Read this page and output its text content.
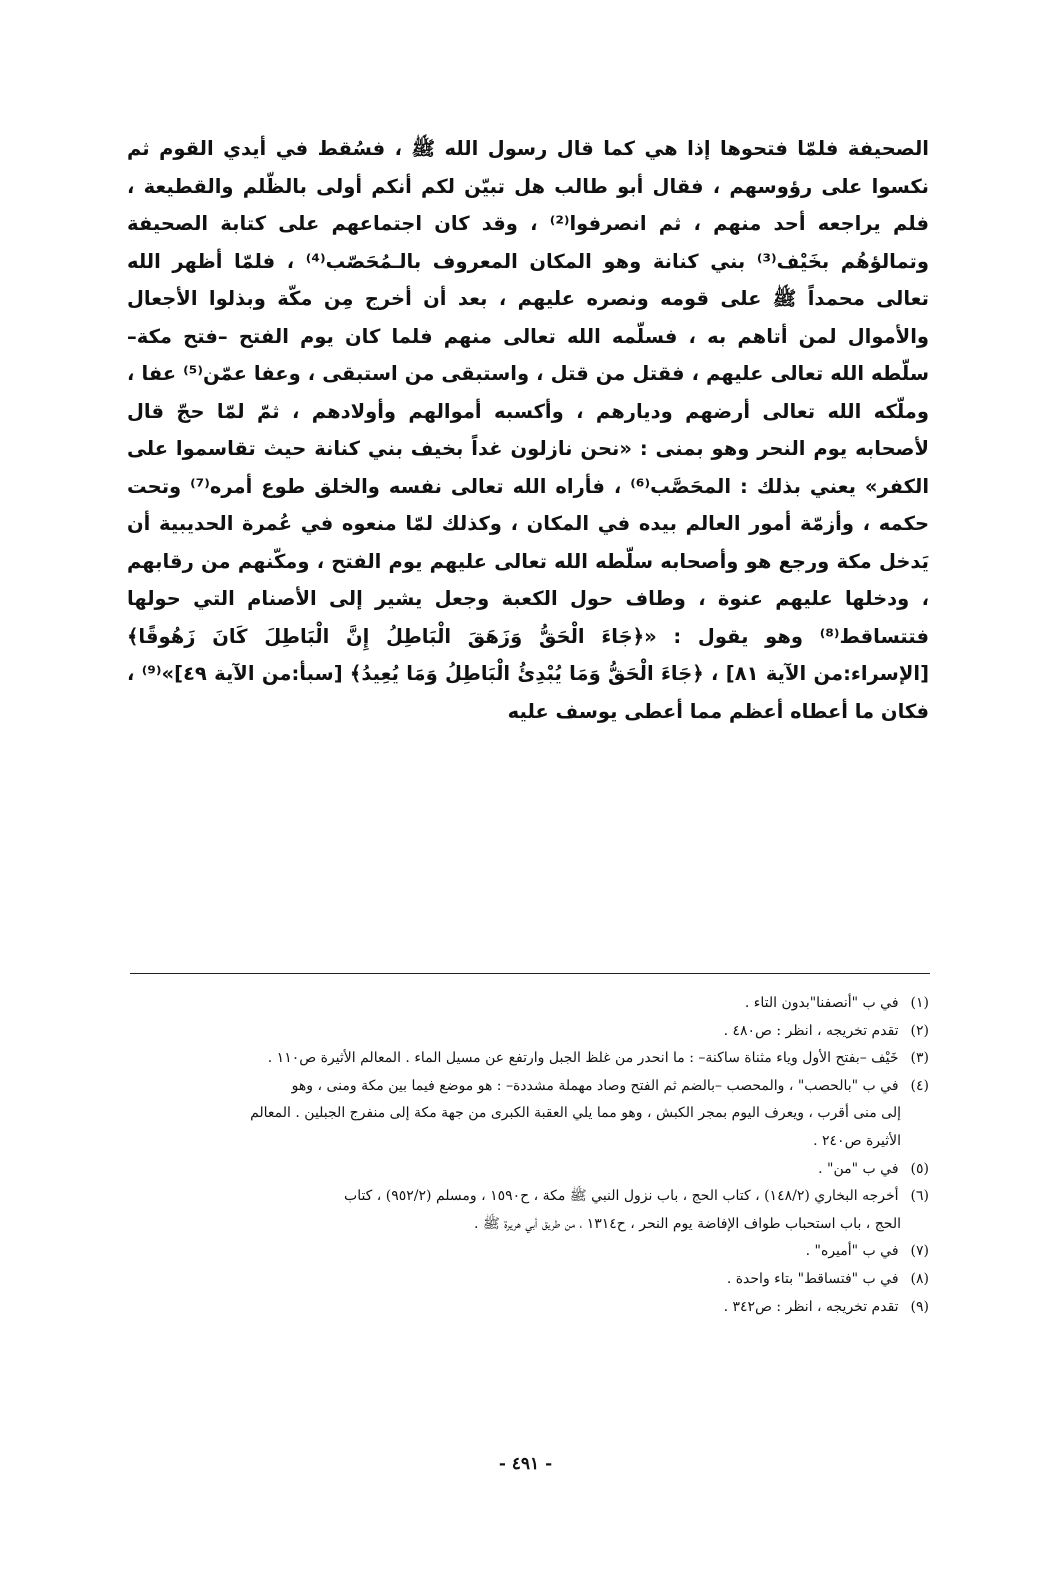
الصحيفة فلمّا فتحوها إذا هي كما قال رسول الله ﷺ ، فسُقط في أيدي القوم ثم نكسوا على رؤوسهم ، فقال أبو طالب هل تبيّن لكم أنكم أولى بالظّلم والقطيعة ، فلم يراجعه أحد منهم ، ثم انصرفوا⁽²⁾ ، وقد كان اجتماعهم على كتابة الصحيفة وتمالؤهُم بخَيْف⁽³⁾ بني كنانة وهو المكان المعروف بالـمُحَصّب⁽⁴⁾ ، فلمّا أظهر الله تعالى محمداً ﷺ على قومه ونصره عليهم ، بعد أن أخرج مِن مكّة وبذلوا الأجعال والأموال لمن أتاهم به ، فسلّمه الله تعالى منهم فلما كان يوم الفتح –فتح مكة– سلّطه الله تعالى عليهم ، فقتل من قتل ، واستبقى من استبقى ، وعفا عمّن⁽⁵⁾ عفا ، وملّكه الله تعالى أرضهم وديارهم ، وأكسبه أموالهم وأولادهم ، ثمّ لمّا حجّ قال لأصحابه يوم النحر وهو بمنى : «نحن نازلون غداً بخيف بني كنانة حيث تقاسموا على الكفر» يعني بذلك : المحَصَّب⁽⁶⁾ ، فأراه الله تعالى نفسه والخلق طوع أمره⁽⁷⁾ وتحت حكمه ، وأزمّة أمور العالم بيده في المكان ، وكذلك لمّا منعوه في عُمرة الحديبية أن يَدخل مكة ورجع هو وأصحابه سلّطه الله تعالى عليهم يوم الفتح ، ومكّنهم من رقابهم ، ودخلها عليهم عنوة ، وطاف حول الكعبة وجعل يشير إلى الأصنام التي حولها فتتساقط⁽⁸⁾ وهو يقول : «﴿جَاءَ الْحَقُّ وَزَهَقَ الْبَاطِلُ إِنَّ الْبَاطِلَ كَانَ زَهُوقًا﴾ [الإسراء:من الآية ٨١] ، ﴿جَاءَ الْحَقُّ وَمَا يُبْدِئُ الْبَاطِلُ وَمَا يُعِيدُ﴾ [سبأ:من الآية ٤٩]»⁽⁹⁾ ، فكان ما أعطاه أعظم مما أعطى يوسف عليه

(١) في ب "أنصفنا"بدون التاء .

(٢) تقدم تخريجه ، انظر : ص٤٨٠ .

(٣) خَيْف –بفتح الأول وياء مثناة ساكنة– : ما انحدر من غلظ الجبل وارتفع عن مسيل الماء . المعالم الأثيرة ص١١٠ .

(٤) في ب "بالحصب" ، والمحصب –بالضم ثم الفتح وصاد مهملة مشددة– : هو موضع فيما بين مكة ومنى ، وهو

إلى منى أقرب ، ويعرف اليوم بمجر الكبش ، وهو مما يلي العقبة الكبرى من جهة مكة إلى منفرج الجبلين . المعالم

الأثيرة ص٢٤٠ .

(٥) في ب "من" .

(٦) أخرجه البخاري (١٤٨/٢) ، كتاب الحج ، باب نزول النبي ﷺ مكة ، ح١٥٩٠ ، ومسلم (٩٥٢/٢) ، كتاب

الحج ، باب استحباب طواف الإفاضة يوم النحر ، ح١٣١٤ ، من طريق أبي هريرة ﷺ .

(٧) في ب "أميره" .

(٨) في ب "فتساقط" بتاء واحدة .

(٩) تقدم تخريجه ، انظر : ص٣٤٢ .

- ٤٩١ -
